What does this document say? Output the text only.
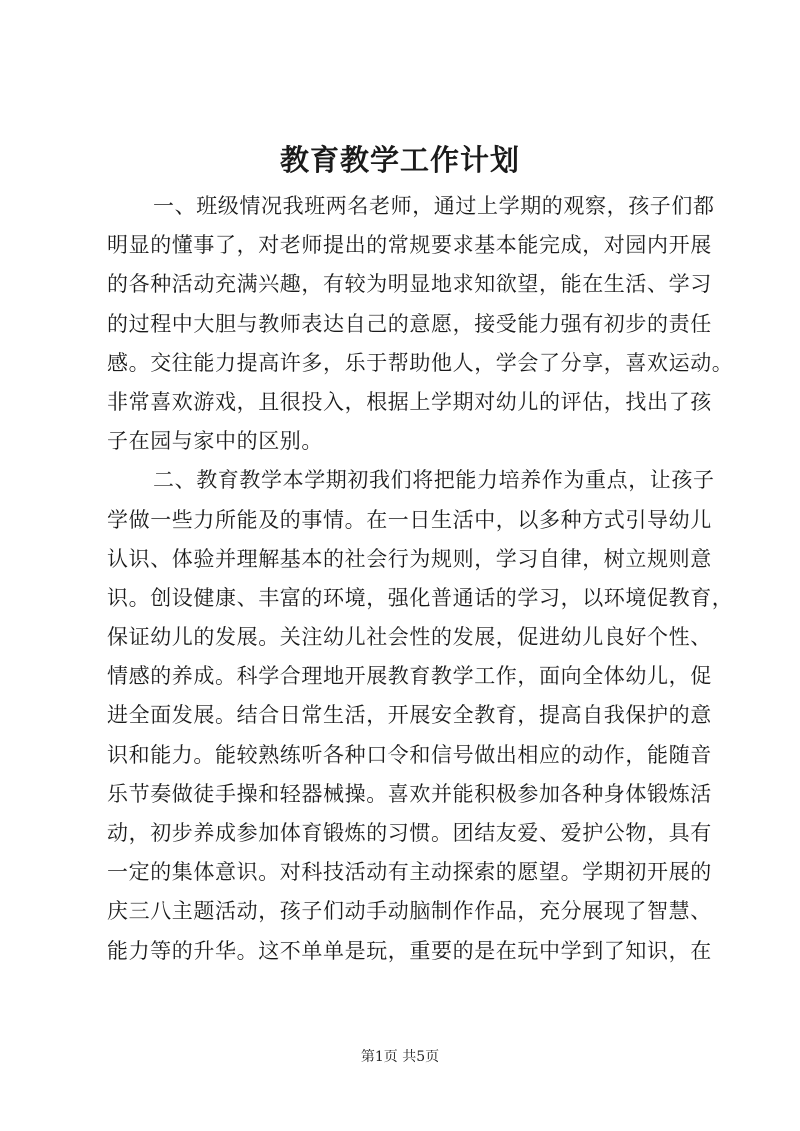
教育教学工作计划
一、班级情况我班两名老师，通过上学期的观察，孩子们都
明显的懂事了，对老师提出的常规要求基本能完成，对园内开展
的各种活动充满兴趣，有较为明显地求知欲望，能在生活、学习
的过程中大胆与教师表达自己的意愿，接受能力强有初步的责任
感。交往能力提高许多，乐于帮助他人，学会了分享，喜欢运动。
非常喜欢游戏，且很投入，根据上学期对幼儿的评估，找出了孩
子在园与家中的区别。
二、教育教学本学期初我们将把能力培养作为重点，让孩子
学做一些力所能及的事情。在一日生活中，以多种方式引导幼儿
认识、体验并理解基本的社会行为规则，学习自律，树立规则意
识。创设健康、丰富的环境，强化普通话的学习，以环境促教育，
保证幼儿的发展。关注幼儿社会性的发展，促进幼儿良好个性、
情感的养成。科学合理地开展教育教学工作，面向全体幼儿，促
进全面发展。结合日常生活，开展安全教育，提高自我保护的意
识和能力。能较熟练听各种口令和信号做出相应的动作，能随音
乐节奏做徒手操和轻器械操。喜欢并能积极参加各种身体锻炼活
动，初步养成参加体育锻炼的习惯。团结友爱、爱护公物，具有
一定的集体意识。对科技活动有主动探索的愿望。学期初开展的
庆三八主题活动，孩子们动手动脑制作作品，充分展现了智慧、
能力等的升华。这不单单是玩，重要的是在玩中学到了知识，在
第1页 共5页
